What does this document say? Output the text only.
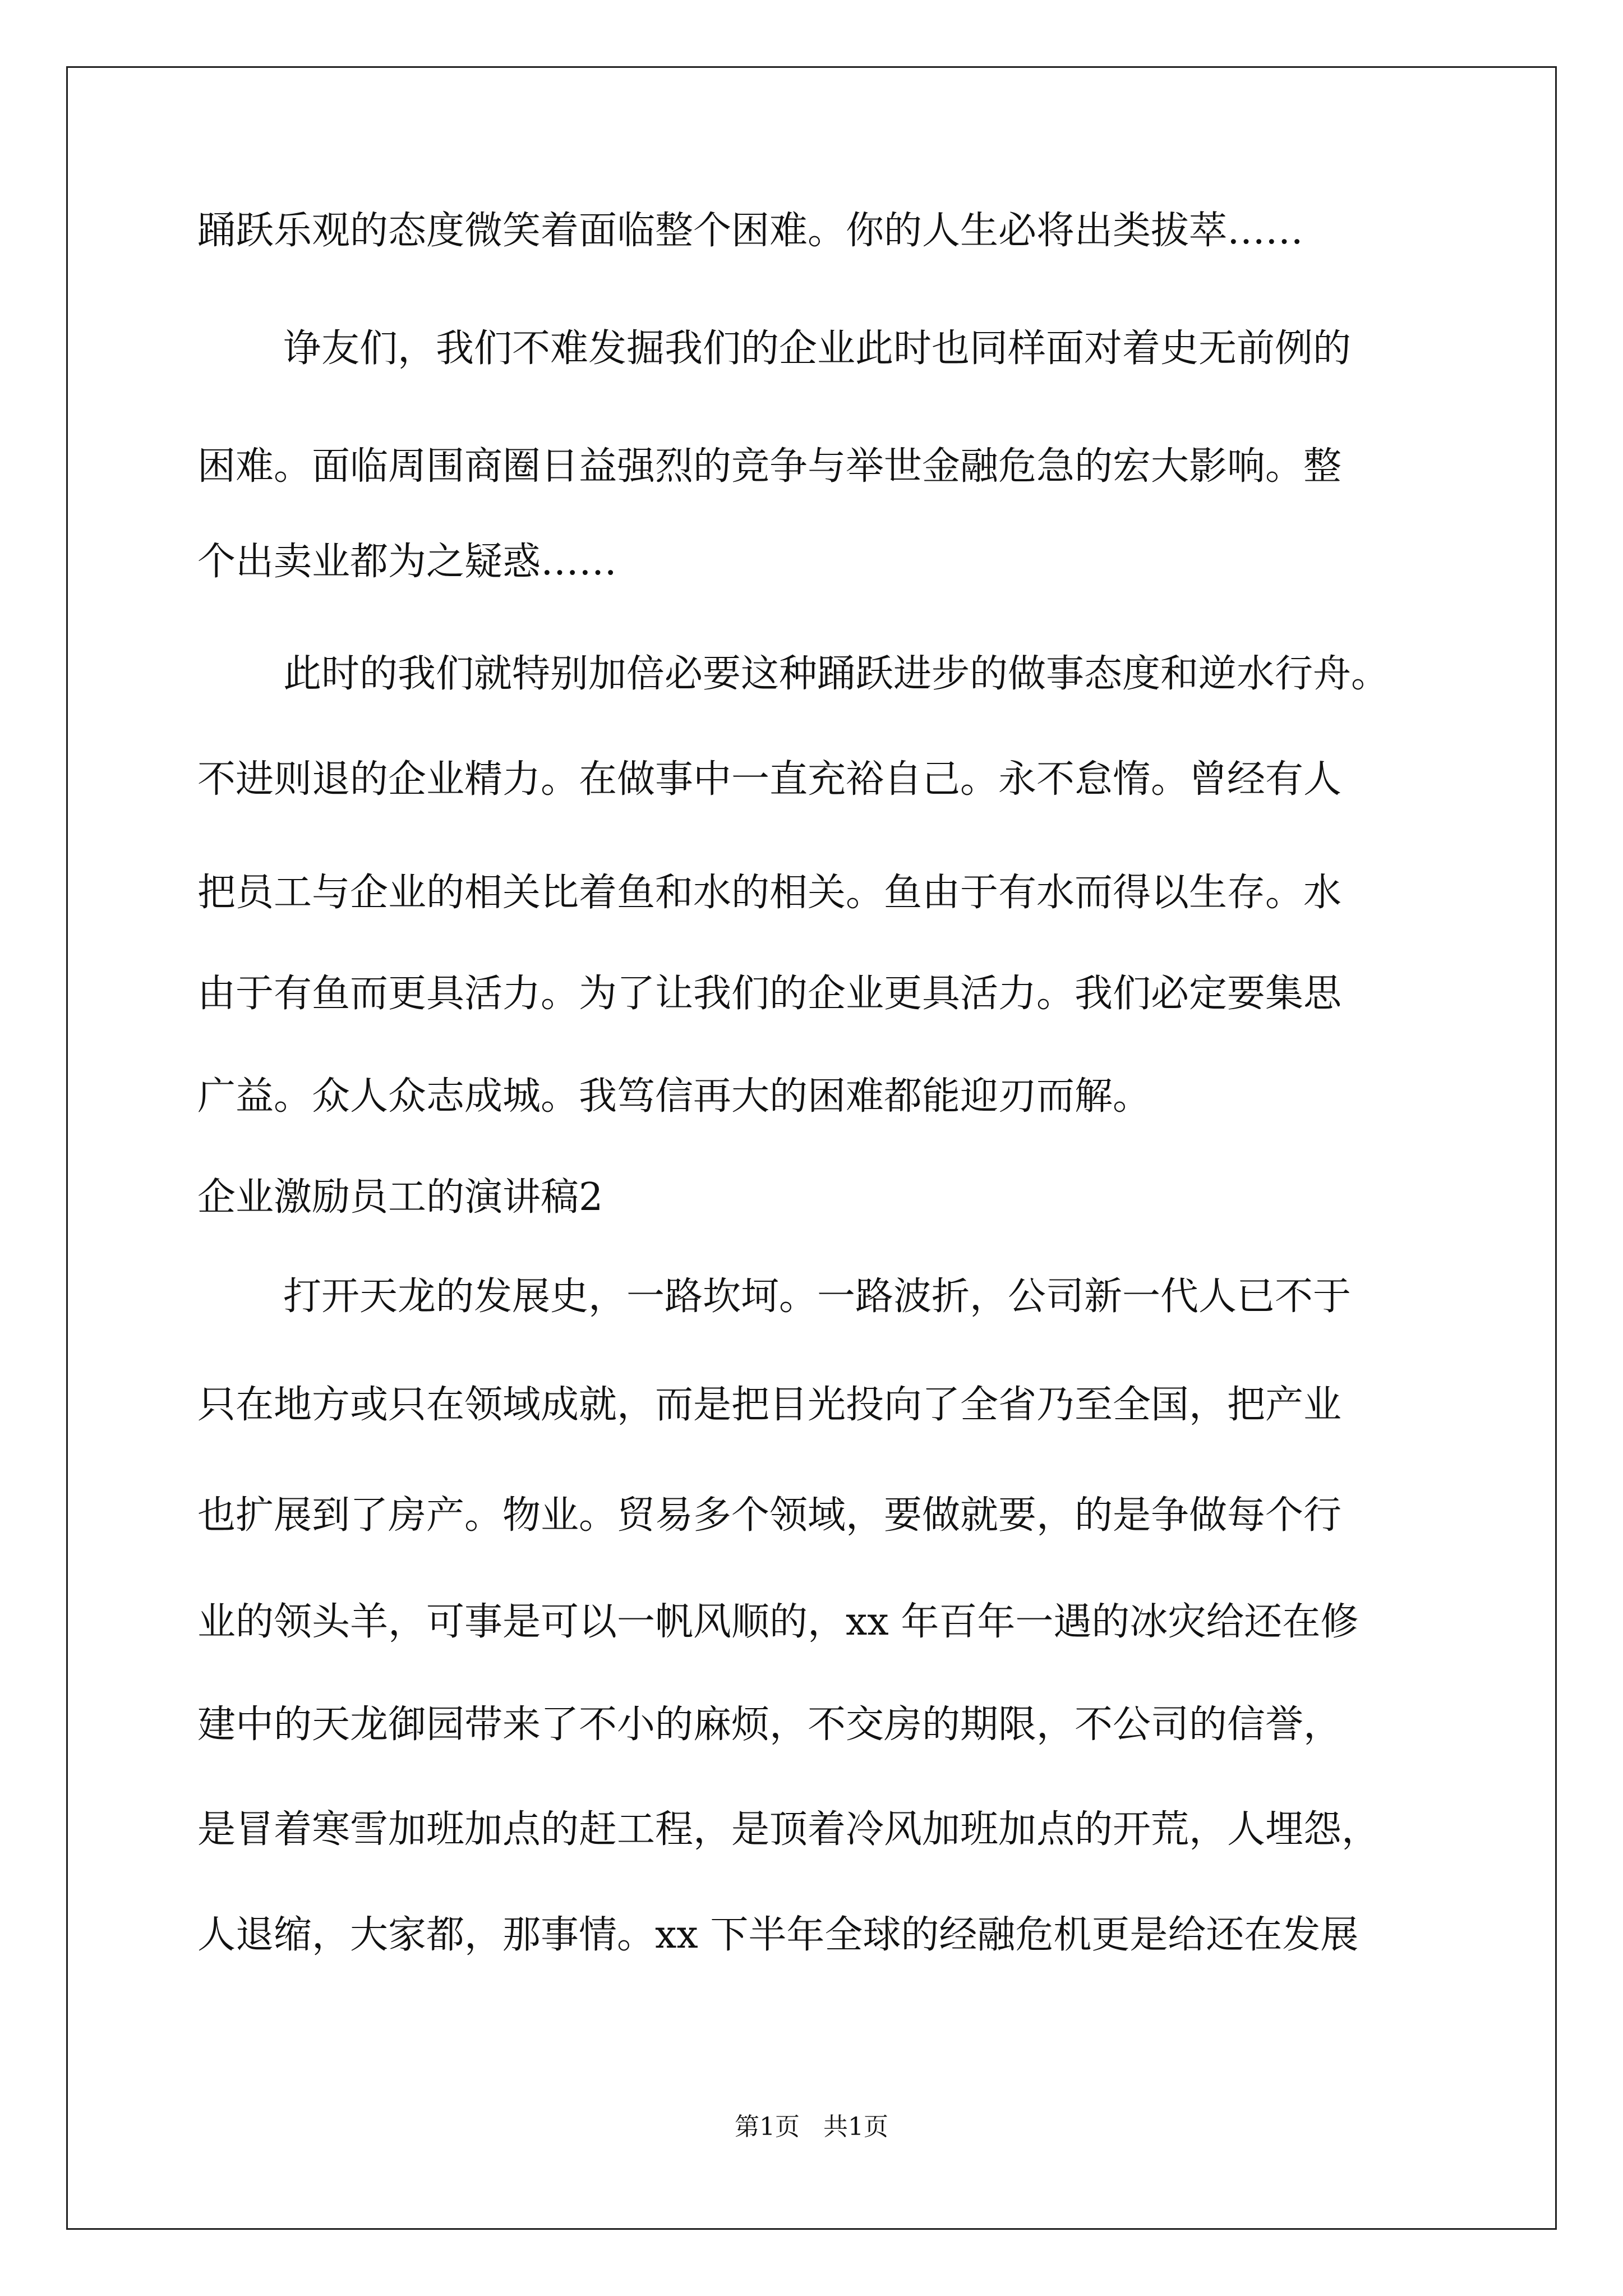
踊跃乐观的态度微笑着面临整个困难。你的人生必将出类拔萃……
诤友们，我们不难发掘我们的企业此时也同样面对着史无前例的
困难。面临周围商圈日益强烈的竞争与举世金融危急的宏大影响。整
个出卖业都为之疑惑……
此时的我们就特别加倍必要这种踊跃进步的做事态度和逆水行舟。
不进则退的企业精力。在做事中一直充裕自己。永不怠惰。曾经有人
把员工与企业的相关比着鱼和水的相关。鱼由于有水而得以生存。水
由于有鱼而更具活力。为了让我们的企业更具活力。我们必定要集思
广益。众人众志成城。我笃信再大的困难都能迎刃而解。
企业激励员工的演讲稿2
打开天龙的发展史，一路坎坷。一路波折，公司新一代人已不于
只在地方或只在领域成就，而是把目光投向了全省乃至全国，把产业
也扩展到了房产。物业。贸易多个领域，要做就要，的是争做每个行
业的领头羊，可事是可以一帆风顺的，xx 年百年一遇的冰灾给还在修
建中的天龙御园带来了不小的麻烦，不交房的期限，不公司的信誉，
是冒着寒雪加班加点的赶工程，是顶着冷风加班加点的开荒，人埋怨，
人退缩，大家都，那事情。xx 下半年全球的经融危机更是给还在发展
第1页   共1页
